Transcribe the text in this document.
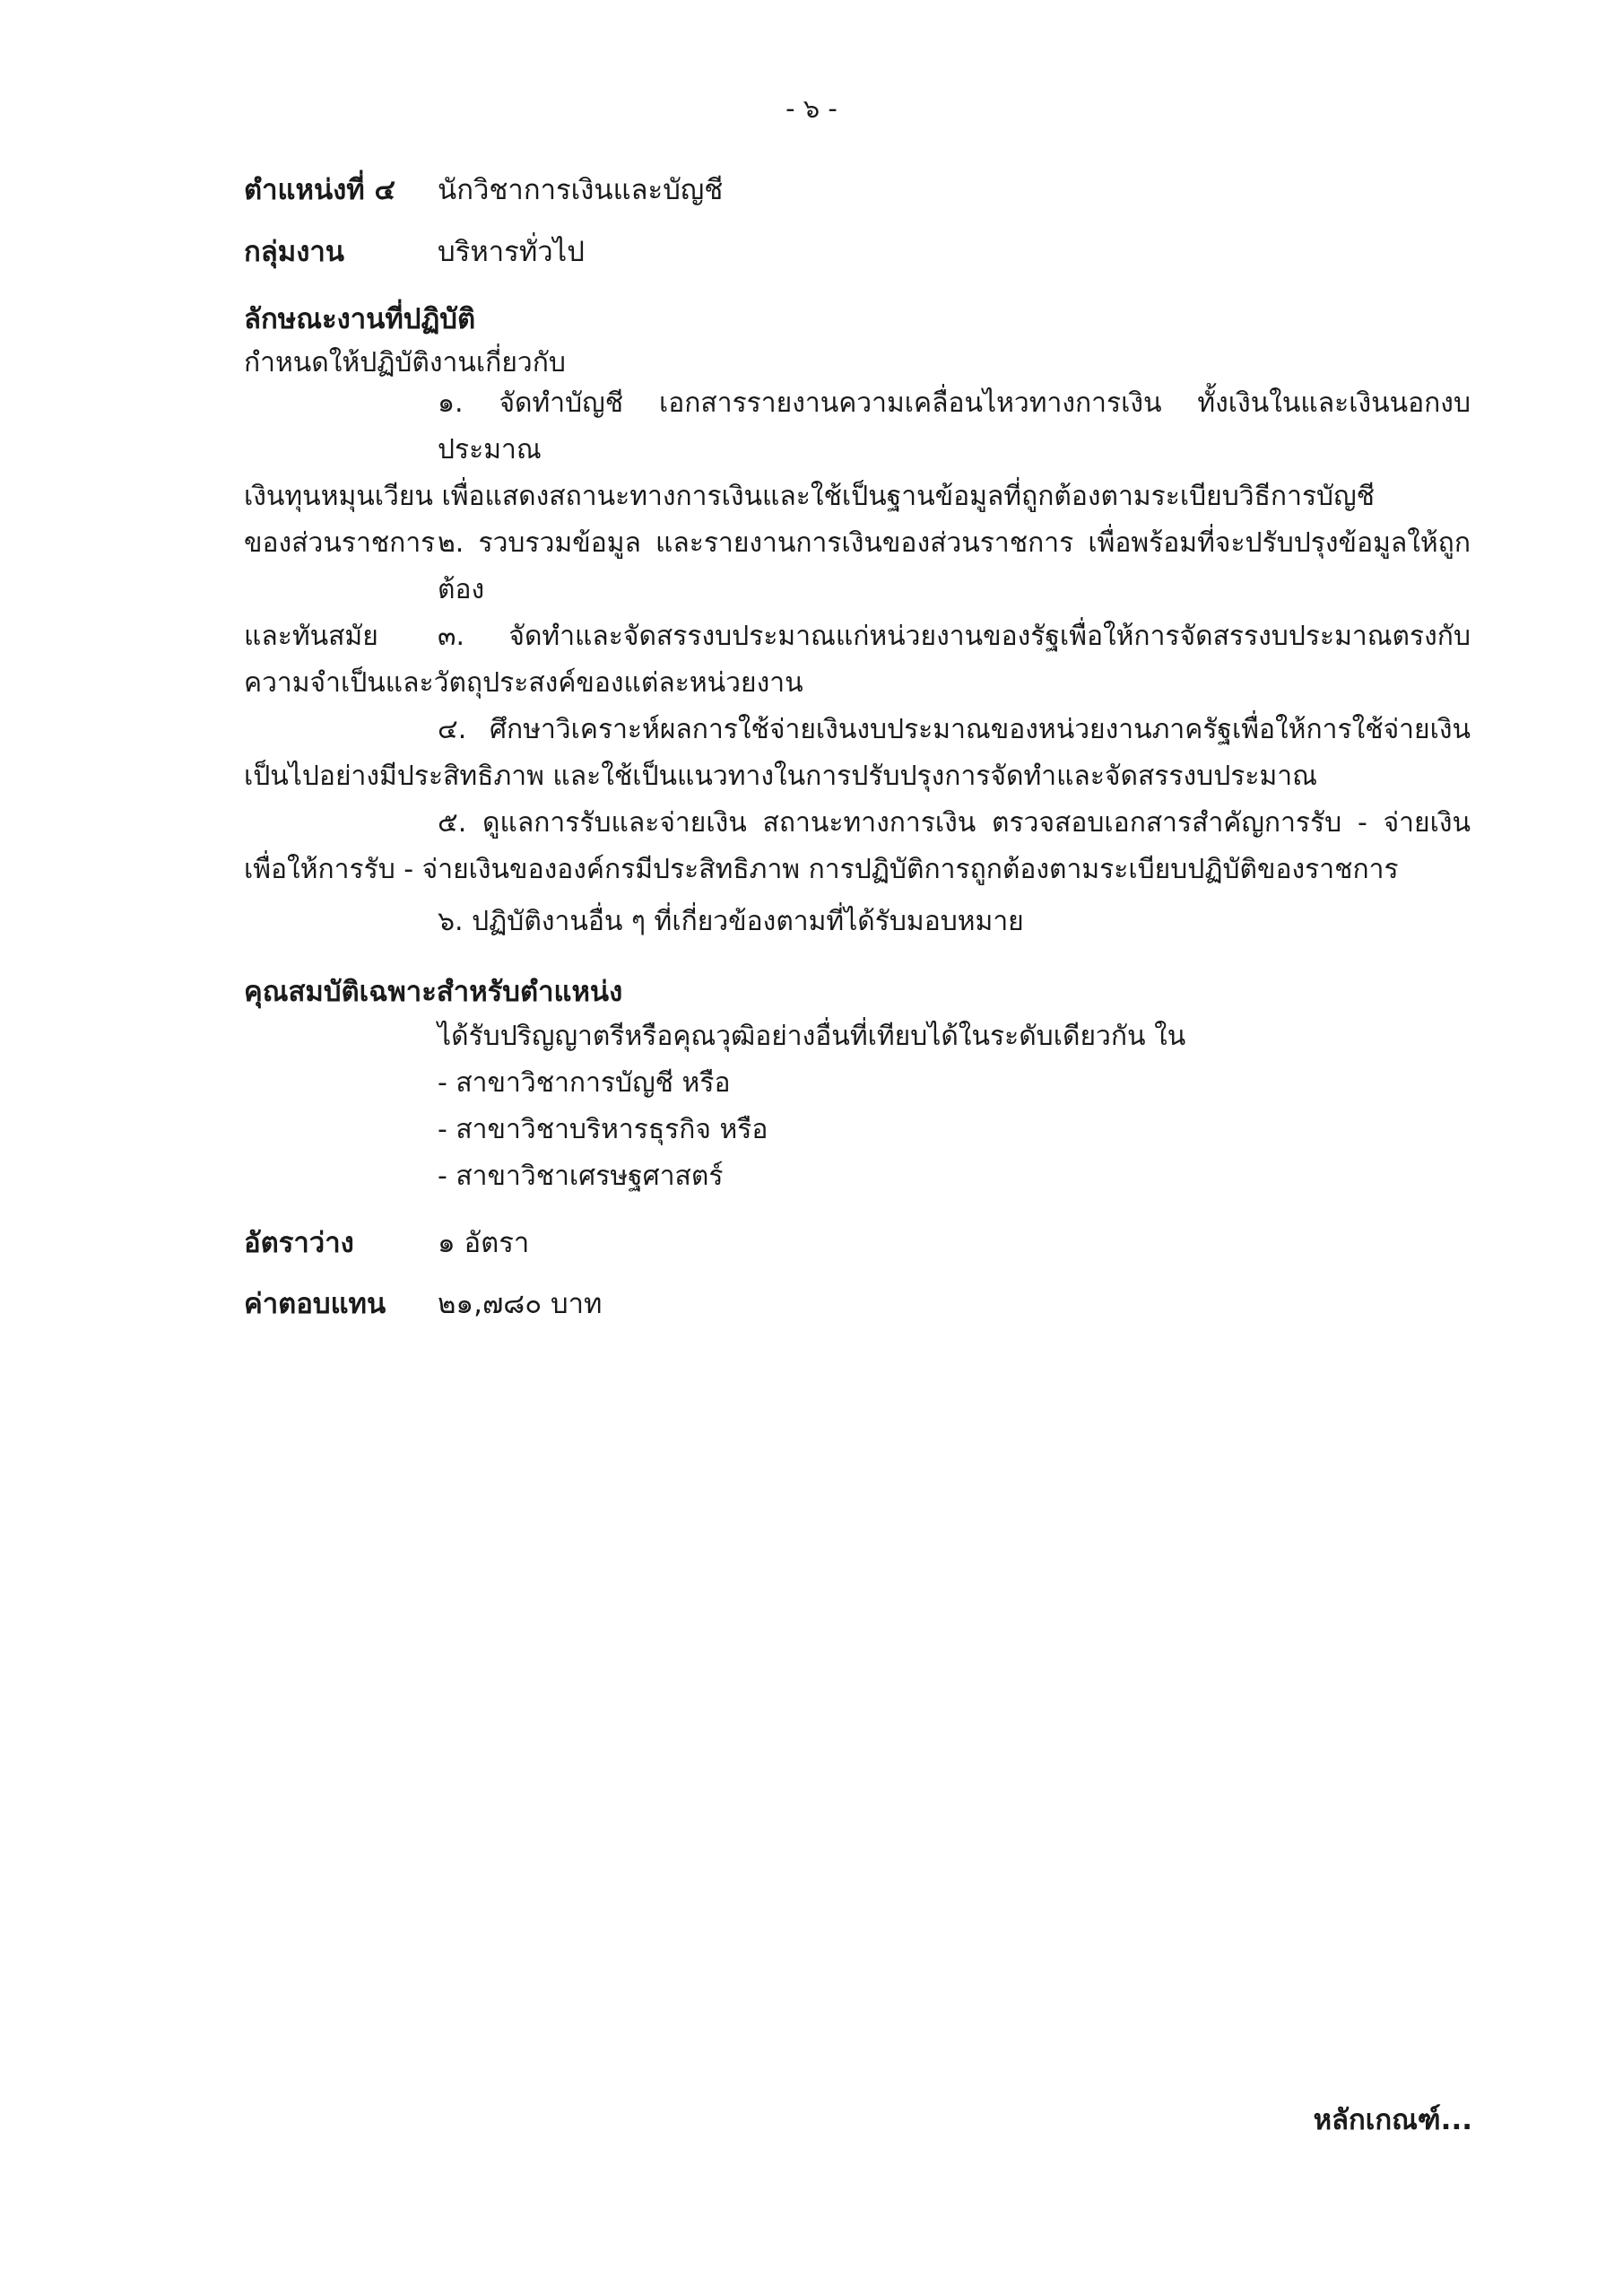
- ๖ -
ตำแหน่งที่ ๔	นักวิชาการเงินและบัญชี
กลุ่มงาน	บริหารทั่วไป
ลักษณะงานที่ปฏิบัติ
กำหนดให้ปฏิบัติงานเกี่ยวกับ
๑. จัดทำบัญชี เอกสารรายงานความเคลื่อนไหวทางการเงิน ทั้งเงินในและเงินนอกงบประมาณ
เงินทุนหมุนเวียน เพื่อแสดงสถานะทางการเงินและใช้เป็นฐานข้อมูลที่ถูกต้องตามระเบียบวิธีการบัญชี
ของส่วนราชการ ๒. รวบรวมข้อมูล และรายงานการเงินของส่วนราชการ เพื่อพร้อมที่จะปรับปรุงข้อมูลให้ถูกต้อง
และทันสมัย	๓. จัดทำและจัดสรรงบประมาณแก่หน่วยงานของรัฐเพื่อให้การจัดสรรงบประมาณตรงกับ
ความจำเป็นและวัตถุประสงค์ของแต่ละหน่วยงาน
๔. ศึกษาวิเคราะห์ผลการใช้จ่ายเงินงบประมาณของหน่วยงานภาครัฐเพื่อให้การใช้จ่ายเงิน
เป็นไปอย่างมีประสิทธิภาพ และใช้เป็นแนวทางในการปรับปรุงการจัดทำและจัดสรรงบประมาณ
๕. ดูแลการรับและจ่ายเงิน สถานะทางการเงิน ตรวจสอบเอกสารสำคัญการรับ - จ่ายเงิน
เพื่อให้การรับ - จ่ายเงินขององค์กรมีประสิทธิภาพ การปฏิบัติการถูกต้องตามระเบียบปฏิบัติของราชการ
๖. ปฏิบัติงานอื่น ๆ ที่เกี่ยวข้องตามที่ได้รับมอบหมาย
คุณสมบัติเฉพาะสำหรับตำแหน่ง
ได้รับปริญญาตรีหรือคุณวุฒิอย่างอื่นที่เทียบได้ในระดับเดียวกัน ใน
- สาขาวิชาการบัญชี หรือ
- สาขาวิชาบริหารธุรกิจ หรือ
- สาขาวิชาเศรษฐศาสตร์
อัตราว่าง	๑ อัตรา
ค่าตอบแทน	๒๑,๗๘๐ บาท
หลักเกณฑ์...
